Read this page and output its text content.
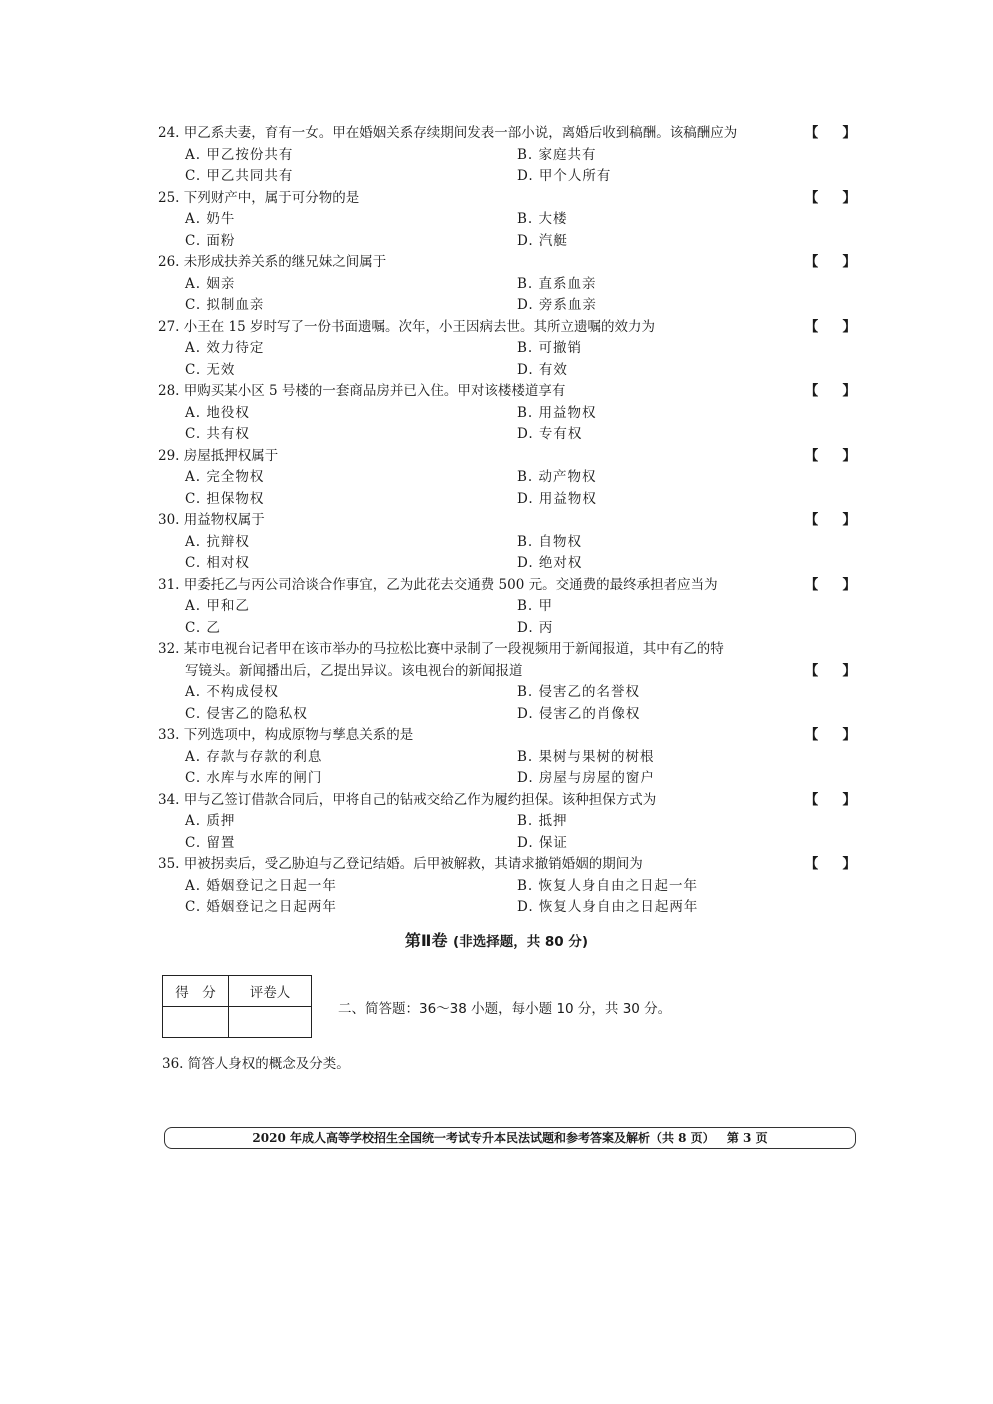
24. 甲乙系夫妻，育有一女。甲在婚姻关系存续期间发表一部小说，离婚后收到稿酬。该稿酬应为	【　 】
A. 甲乙按份共有	B. 家庭共有
C. 甲乙共同共有	D. 甲个人所有
25. 下列财产中，属于可分物的是	【　 】
A. 奶牛	B. 大楼
C. 面粉	D. 汽艇
26. 未形成扶养关系的继兄妹之间属于	【　 】
A. 姻亲	B. 直系血亲
C. 拟制血亲	D. 旁系血亲
27. 小王在 15 岁时写了一份书面遗嘱。次年，小王因病去世。其所立遗嘱的效力为	【　 】
A. 效力待定	B. 可撤销
C. 无效	D. 有效
28. 甲购买某小区 5 号楼的一套商品房并已入住。甲对该楼楼道享有	【　 】
A. 地役权	B. 用益物权
C. 共有权	D. 专有权
29. 房屋抵押权属于	【　 】
A. 完全物权	B. 动产物权
C. 担保物权	D. 用益物权
30. 用益物权属于	【　 】
A. 抗辩权	B. 自物权
C. 相对权	D. 绝对权
31. 甲委托乙与丙公司洽谈合作事宜，乙为此花去交通费 500 元。交通费的最终承担者应当为	【　 】
A. 甲和乙	B. 甲
C. 乙	D. 丙
32. 某市电视台记者甲在该市举办的马拉松比赛中录制了一段视频用于新闻报道，其中有乙的特
写镜头。新闻播出后，乙提出异议。该电视台的新闻报道	【　 】
A. 不构成侵权	B. 侵害乙的名誉权
C. 侵害乙的隐私权	D. 侵害乙的肖像权
33. 下列选项中，构成原物与孳息关系的是	【　 】
A. 存款与存款的利息	B. 果树与果树的树根
C. 水库与水库的闸门	D. 房屋与房屋的窗户
34. 甲与乙签订借款合同后，甲将自己的钻戒交给乙作为履约担保。该种担保方式为	【　 】
A. 质押	B. 抵押
C. 留置	D. 保证
35. 甲被拐卖后，受乙胁迫与乙登记结婚。后甲被解救，其请求撤销婚姻的期间为	【　 】
A. 婚姻登记之日起一年	B. 恢复人身自由之日起一年
C. 婚姻登记之日起两年	D. 恢复人身自由之日起两年
第Ⅱ卷 (非选择题，共 80 分)
得　分	评卷人

二、简答题：36～38 小题，每小题 10 分，共 30 分。
36. 简答人身权的概念及分类。
2020 年成人高等学校招生全国统一考试专升本民法试题和参考答案及解析（共 8 页） 第 3 页
